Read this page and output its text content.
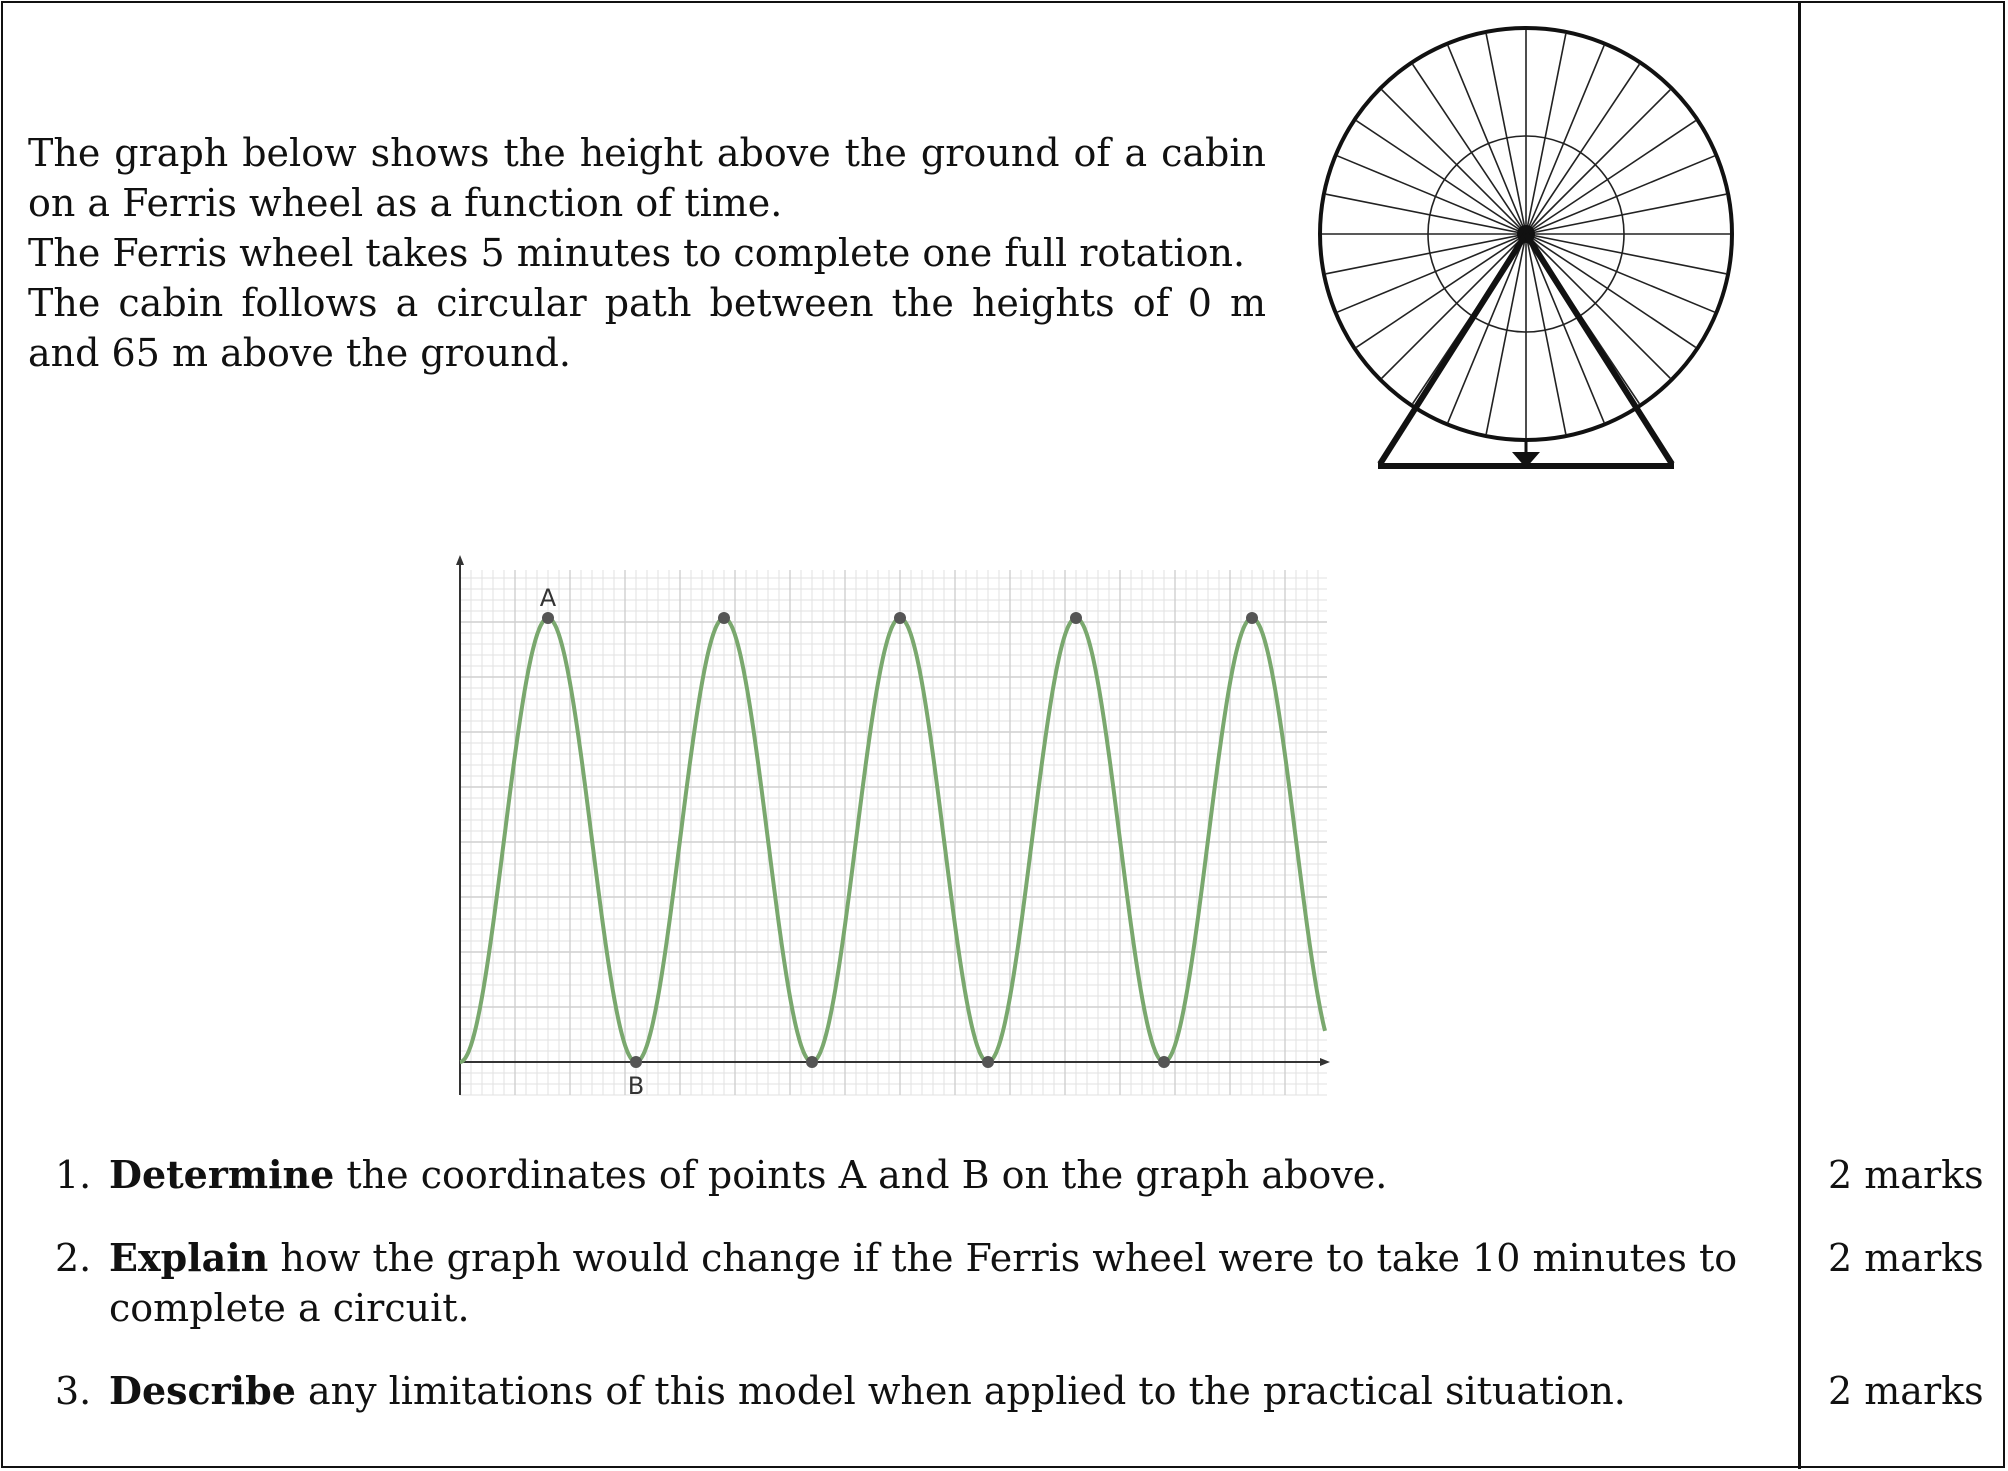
The graph below shows the height above the ground of a cabin on a Ferris wheel as a function of time.

The Ferris wheel takes 5 minutes to complete one full rotation.

The cabin follows a circular path between the heights of 0 m and 65 m above the ground.

A
B
1. Determine the coordinates of points A and B on the graph above.	2 marks
2. Explain how the graph would change if the Ferris wheel were to take 10 minutes to complete a circuit.
2 marks
3. Describe any limitations of this model when applied to the practical situation.	2 marks
